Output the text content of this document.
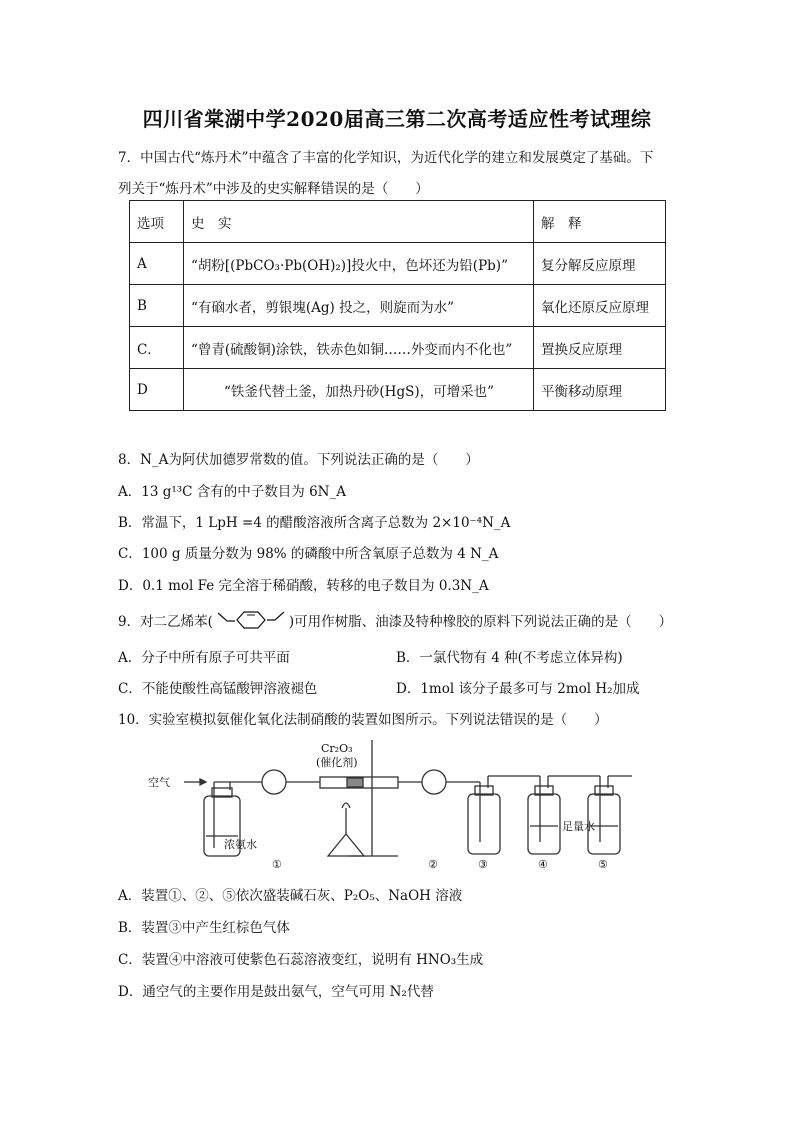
四川省棠湖中学2020届高三第二次高考适应性考试理综
7．中国古代“炼丹术”中蕴含了丰富的化学知识，为近代化学的建立和发展奠定了基础。下
列关于“炼丹术”中涉及的史实解释错误的是（　　）
选项	史　实	解　释
A	“胡粉[(PbCO₃·Pb(OH)₂)]投火中，色坏还为铅(Pb)”	复分解反应原理
B	“有硇水者，剪银塊(Ag) 投之，则旋而为水”	氧化还原反应原理
C．	“曾青(硫酸铜)涂铁，铁赤色如铜……外变而内不化也”	置换反应原理
D	“铁釜代替土釜，加热丹砂(HgS)，可增采也”	平衡移动原理
8．N_A为阿伏加德罗常数的值。下列说法正确的是（　　）
A．13 g¹³C 含有的中子数目为 6N_A
B．常温下，1 LpH =4 的醋酸溶液所含离子总数为 2×10⁻⁴N_A
C．100 g 质量分数为 98% 的磷酸中所含氧原子总数为 4 N_A
D．0.1 mol Fe 完全溶于稀硝酸，转移的电子数目为 0.3N_A
9．对二乙烯苯(	)可用作树脂、油漆及特种橡胶的原料下列说法正确的是（　　）
A．分子中所有原子可共平面	B．一氯代物有 4 种(不考虑立体异构)
C．不能使酸性高锰酸钾溶液褪色	D．1mol 该分子最多可与 2mol H₂加成
10．实验室模拟氨催化氧化法制硝酸的装置如图所示。下列说法错误的是（　　）
空气
Cr₂O₃
(催化剂)
浓氨水
足量水
①	②	③	④	⑤
A．装置①、②、⑤依次盛装碱石灰、P₂O₅、NaOH 溶液
B．装置③中产生红棕色气体
C．装置④中溶液可使紫色石蕊溶液变红，说明有 HNO₃生成
D．通空气的主要作用是鼓出氨气，空气可用 N₂代替
